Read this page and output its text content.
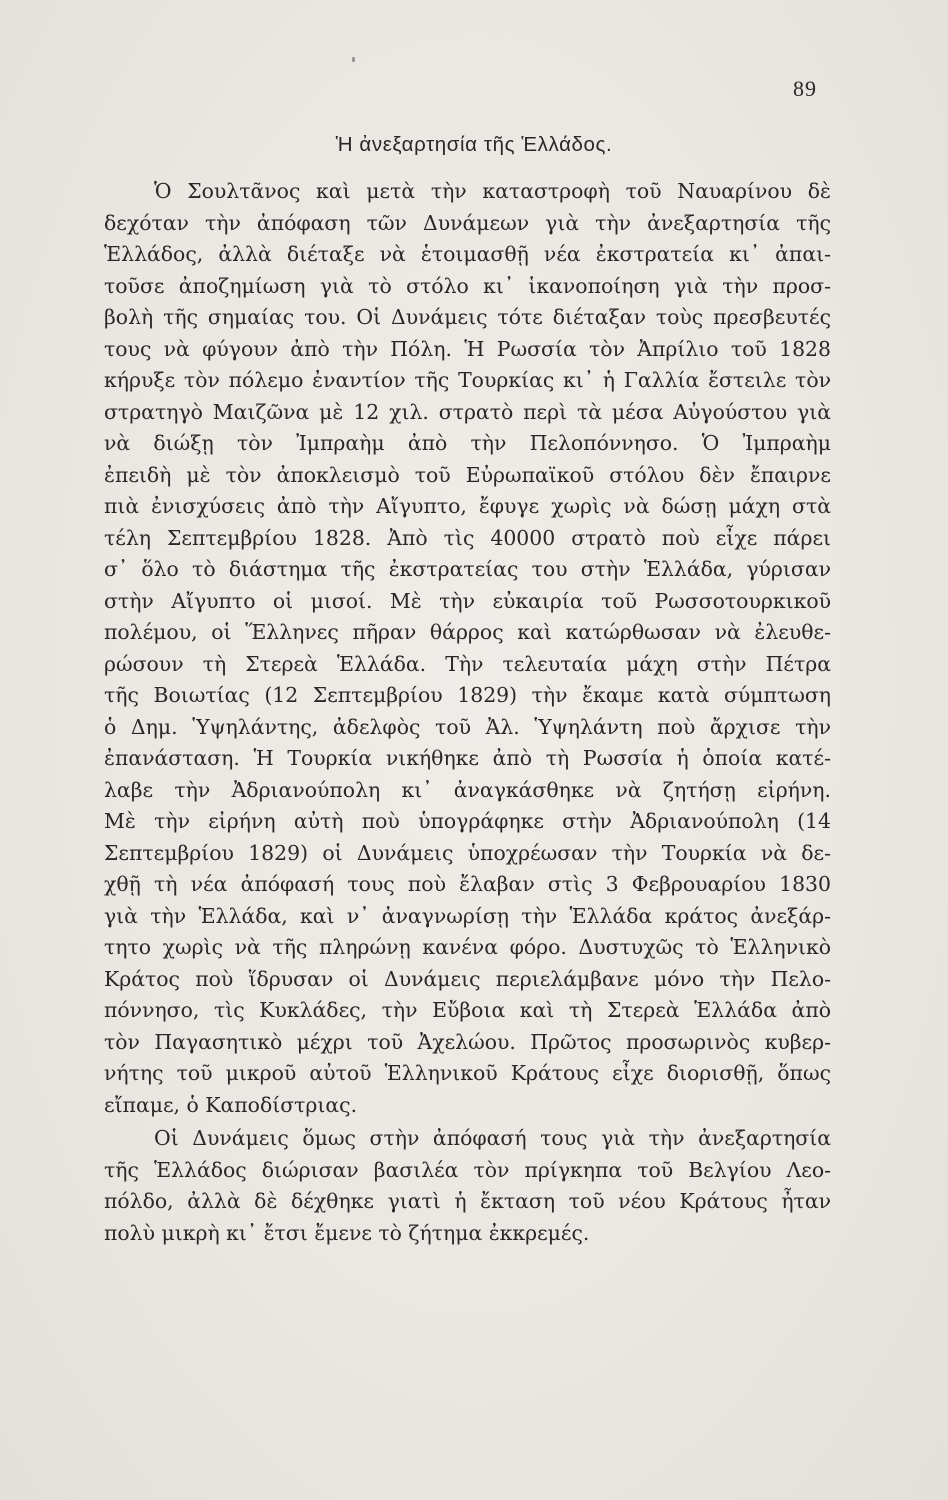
89
Ἡ ἀνεξαρτησία τῆς Ἑλλάδος.
Ὁ Σουλτᾶνος καὶ μετὰ τὴν καταστροφὴ τοῦ Ναυαρίνου δὲ
δεχόταν τὴν ἀπόφαση τῶν Δυνάμεων γιὰ τὴν ἀνεξαρτησία τῆς
Ἑλλάδος, ἀλλὰ διέταξε νὰ ἑτοιμασθῇ νέα ἐκστρατεία κι᾿ ἀπαι-
τοῦσε ἀποζημίωση γιὰ τὸ στόλο κι᾿ ἱκανοποίηση γιὰ τὴν προσ-
βολὴ τῆς σημαίας του. Οἱ Δυνάμεις τότε διέταξαν τοὺς πρεσβευτές
τους νὰ φύγουν ἀπὸ τὴν Πόλη. Ἡ Ρωσσία τὸν Ἀπρίλιο τοῦ 1828
κήρυξε τὸν πόλεμο ἐναντίον τῆς Τουρκίας κι᾿ ἡ Γαλλία ἔστειλε τὸν
στρατηγὸ Μαιζῶνα μὲ 12 χιλ. στρατὸ περὶ τὰ μέσα Αὐγούστου γιὰ
νὰ διώξῃ τὸν Ἰμπραὴμ ἀπὸ τὴν Πελοπόννησο. Ὁ Ἰμπραὴμ
ἐπειδὴ μὲ τὸν ἀποκλεισμὸ τοῦ Εὐρωπαϊκοῦ στόλου δὲν ἔπαιρνε
πιὰ ἐνισχύσεις ἀπὸ τὴν Αἴγυπτο, ἔφυγε χωρὶς νὰ δώσῃ μάχη στὰ
τέλη Σεπτεμβρίου 1828. Ἀπὸ τὶς 40000 στρατὸ ποὺ εἶχε πάρει
σ᾿ ὅλο τὸ διάστημα τῆς ἐκστρατείας του στὴν Ἑλλάδα, γύρισαν
στὴν Αἴγυπτο οἱ μισοί. Μὲ τὴν εὐκαιρία τοῦ Ρωσσοτουρκικοῦ
πολέμου, οἱ Ἕλληνες πῆραν θάρρος καὶ κατώρθωσαν νὰ ἐλευθε-
ρώσουν τὴ Στερεὰ Ἑλλάδα. Τὴν τελευταία μάχη στὴν Πέτρα
τῆς Βοιωτίας (12 Σεπτεμβρίου 1829) τὴν ἔκαμε κατὰ σύμπτωση
ὁ Δημ. Ὑψηλάντης, ἀδελφὸς τοῦ Ἀλ. Ὑψηλάντη ποὺ ἄρχισε τὴν
ἐπανάσταση. Ἡ Τουρκία νικήθηκε ἀπὸ τὴ Ρωσσία ἡ ὁποία κατέ-
λαβε τὴν Ἀδριανούπολη κι᾿ ἀναγκάσθηκε νὰ ζητήσῃ εἰρήνη.
Μὲ τὴν εἰρήνη αὐτὴ ποὺ ὑπογράφηκε στὴν Ἀδριανούπολη (14
Σεπτεμβρίου 1829) οἱ Δυνάμεις ὑποχρέωσαν τὴν Τουρκία νὰ δε-
χθῇ τὴ νέα ἀπόφασή τους ποὺ ἔλαβαν στὶς 3 Φεβρουαρίου 1830
γιὰ τὴν Ἑλλάδα, καὶ ν᾿ ἀναγνωρίσῃ τὴν Ἑλλάδα κράτος ἀνεξάρ-
τητο χωρὶς νὰ τῆς πληρώνῃ κανένα φόρο. Δυστυχῶς τὸ Ἑλληνικὸ
Κράτος ποὺ ἵδρυσαν οἱ Δυνάμεις περιελάμβανε μόνο τὴν Πελο-
πόννησο, τὶς Κυκλάδες, τὴν Εὔβοια καὶ τὴ Στερεὰ Ἑλλάδα ἀπὸ
τὸν Παγασητικὸ μέχρι τοῦ Ἀχελώου. Πρῶτος προσωρινὸς κυβερ-
νήτης τοῦ μικροῦ αὐτοῦ Ἑλληνικοῦ Κράτους εἶχε διορισθῇ, ὅπως
εἴπαμε, ὁ Καποδίστριας.
Οἱ Δυνάμεις ὅμως στὴν ἀπόφασή τους γιὰ τὴν ἀνεξαρτησία
τῆς Ἑλλάδος διώρισαν βασιλέα τὸν πρίγκηπα τοῦ Βελγίου Λεο-
πόλδο, ἀλλὰ δὲ δέχθηκε γιατὶ ἡ ἔκταση τοῦ νέου Κράτους ἦταν
πολὺ μικρὴ κι᾿ ἔτσι ἔμενε τὸ ζήτημα ἐκκρεμές.
